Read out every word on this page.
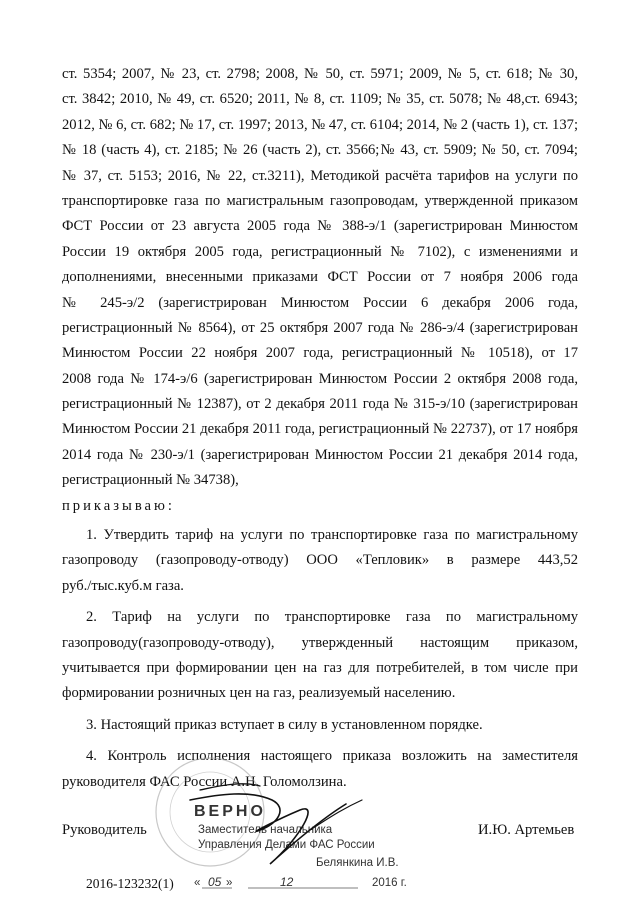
ст. 5354; 2007, № 23, ст. 2798; 2008, № 50, ст. 5971; 2009, № 5, ст. 618; № 30,
ст. 3842; 2010, № 49, ст. 6520; 2011, № 8, ст. 1109; № 35, ст. 5078; № 48,ст. 6943;
2012, № 6, ст. 682; № 17, ст. 1997; 2013, № 47, ст. 6104; 2014, № 2 (часть 1), ст. 137;
№ 18 (часть 4), ст. 2185; № 26 (часть 2), ст. 3566;№ 43, ст. 5909; № 50, ст. 7094;
№ 37, ст. 5153; 2016, № 22, ст.3211), Методикой расчёта тарифов на услуги по
транспортировке газа по магистральным газопроводам, утвержденной приказом
ФСТ России от 23 августа 2005 года № 388-э/1 (зарегистрирован Минюстом
России 19 октября 2005 года, регистрационный № 7102), с изменениями и
дополнениями, внесенными приказами ФСТ России от 7 ноября 2006 года
№ 245-э/2 (зарегистрирован Минюстом России 6 декабря 2006 года,
регистрационный № 8564), от 25 октября 2007 года № 286-э/4 (зарегистрирован
Минюстом России 22 ноября 2007 года, регистрационный № 10518), от 17
2008 года № 174-э/6 (зарегистрирован Минюстом России 2 октября 2008 года,
регистрационный № 12387), от 2 декабря 2011 года № 315-э/10 (зарегистрирован
Минюстом России 21 декабря 2011 года, регистрационный № 22737), от 17 ноября
2014 года № 230-э/1 (зарегистрирован Минюстом России 21 декабря 2014 года,
регистрационный № 34738),
приказываю:
1. Утвердить тариф на услуги по транспортировке газа по магистральному
газопроводу (газопроводу-отводу) ООО «Тепловик» в размере 443,52
руб./тыс.куб.м газа.
2. Тариф на услуги по транспортировке газа по магистральному
газопроводу(газопроводу-отводу), утвержденный настоящим приказом,
учитывается при формировании цен на газ для потребителей, в том числе при
формировании розничных цен на газ, реализуемый населению.
3. Настоящий приказ вступает в силу в установленном порядке.
4. Контроль исполнения настоящего приказа возложить на заместителя
руководителя ФАС России А.Н. Голомолзина.
Руководитель	И.Ю. Артемьев
2016-123232(1)
ВЕРНО
Заместитель начальника
Управления Делами ФАС России
Белянкина И.В.
« 05 »	12	2016 г.
